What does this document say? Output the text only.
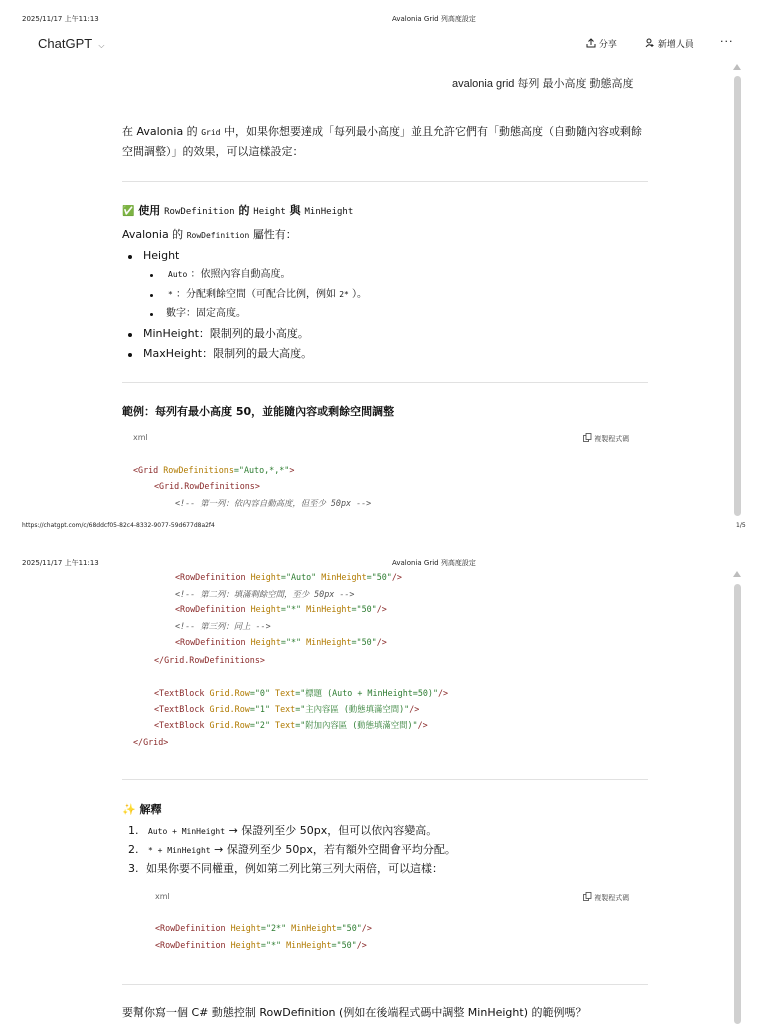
2025/11/17 上午11:13	Avalonia Grid 列高度設定
ChatGPT ⌵	分享	新增人員 ···
avalonia grid 每列 最小高度 動態高度
在 Avalonia 的 Grid 中，如果你想要達成「每列最小高度」並且允許它們有「動態高度（自動隨內容或剩餘
空間調整）」的效果，可以這樣設定：
✅ 使用 RowDefinition 的 Height 與 MinHeight
Avalonia 的 RowDefinition 屬性有：
Height
Auto ：依照內容自動高度。
* ：分配剩餘空間（可配合比例，例如 2* ）。
數字：固定高度。
MinHeight：限制列的最小高度。
MaxHeight：限制列的最大高度。
範例：每列有最小高度 50，並能隨內容或剩餘空間調整
xml	複製程式碼
<Grid RowDefinitions="Auto,*,*">
<Grid.RowDefinitions>
<!-- 第一列：依內容自動高度，但至少 50px -->
https://chatgpt.com/c/68ddcf05-82c4-8332-9077-59d677d8a2f4	1/5
2025/11/17 上午11:13	Avalonia Grid 列高度設定
<RowDefinition Height="Auto" MinHeight="50"/>
<!-- 第二列：填滿剩餘空間，至少 50px -->
<RowDefinition Height="*" MinHeight="50"/>
<!-- 第三列：同上 -->
<RowDefinition Height="*" MinHeight="50"/>
</Grid.RowDefinitions>
<TextBlock Grid.Row="0" Text="標題 (Auto + MinHeight=50)"/>
<TextBlock Grid.Row="1" Text="主內容區 (動態填滿空間)"/>
<TextBlock Grid.Row="2" Text="附加內容區 (動態填滿空間)"/>
</Grid>
✨ 解釋
1. Auto + MinHeight → 保證列至少 50px，但可以依內容變高。
2. * + MinHeight → 保證列至少 50px，若有額外空間會平均分配。
3. 如果你要不同權重，例如第二列比第三列大兩倍，可以這樣：
xml	複製程式碼
<RowDefinition Height="2*" MinHeight="50"/>
<RowDefinition Height="*" MinHeight="50"/>
要幫你寫一個 C# 動態控制 RowDefinition (例如在後端程式碼中調整 MinHeight) 的範例嗎？
